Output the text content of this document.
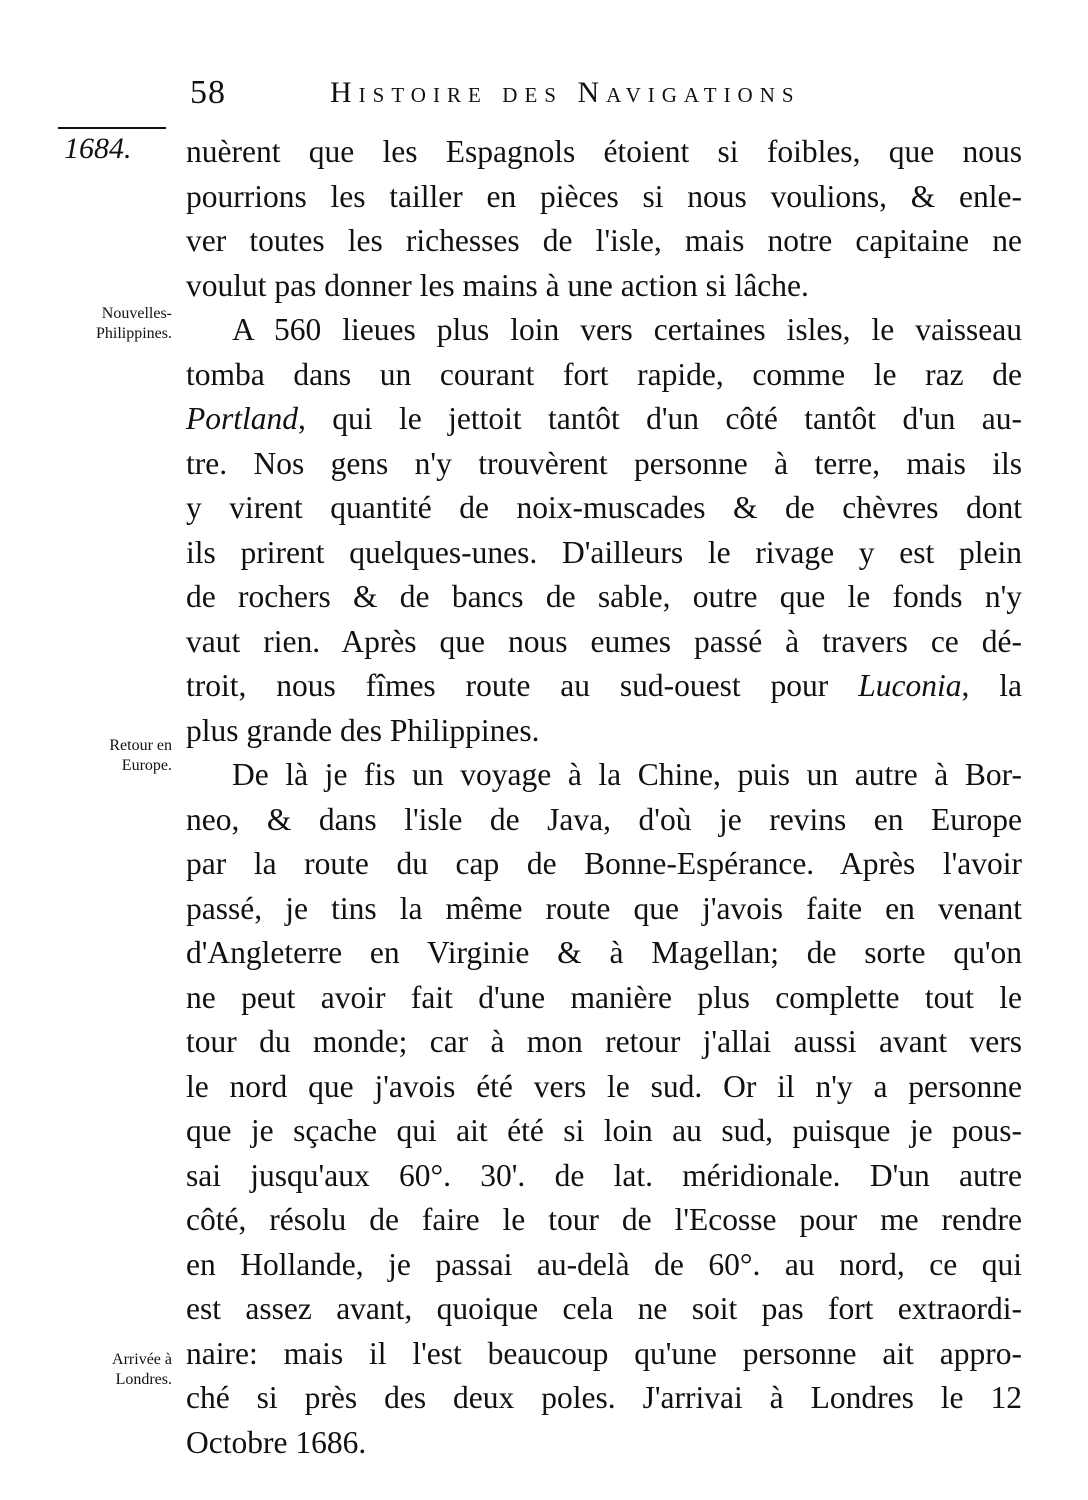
58	Histoire des Navigations
1684.
Nouvelles-
Philippines.
Retour en
Europe.
Arrivée à
Londres.

nuèrent que les Espagnols étoient si foibles, que nous
pourrions les tailler en pièces si nous voulions, & enle-
ver toutes les richesses de l'isle, mais notre capitaine ne
voulut pas donner les mains à une action si lâche.

A 560 lieues plus loin vers certaines isles, le vaisseau
tomba dans un courant fort rapide, comme le raz de
Portland, qui le jettoit tantôt d'un côté tantôt d'un au-
tre. Nos gens n'y trouvèrent personne à terre, mais ils
y virent quantité de noix-muscades & de chèvres dont
ils prirent quelques-unes. D'ailleurs le rivage y est plein
de rochers & de bancs de sable, outre que le fonds n'y
vaut rien. Après que nous eumes passé à travers ce dé-
troit, nous fîmes route au sud-ouest pour Luconia, la
plus grande des Philippines.

De là je fis un voyage à la Chine, puis un autre à Bor-
neo, & dans l'isle de Java, d'où je revins en Europe
par la route du cap de Bonne-Espérance. Après l'avoir
passé, je tins la même route que j'avois faite en venant
d'Angleterre en Virginie & à Magellan; de sorte qu'on
ne peut avoir fait d'une manière plus complette tout le
tour du monde; car à mon retour j'allai aussi avant vers
le nord que j'avois été vers le sud. Or il n'y a personne
que je sçache qui ait été si loin au sud, puisque je pous-
sai jusqu'aux 60°. 30'. de lat. méridionale. D'un autre
côté, résolu de faire le tour de l'Ecosse pour me rendre
en Hollande, je passai au-delà de 60°. au nord, ce qui
est assez avant, quoique cela ne soit pas fort extraordi-
naire: mais il l'est beaucoup qu'une personne ait appro-
ché si près des deux poles. J'arrivai à Londres le 12
Octobre 1686.
